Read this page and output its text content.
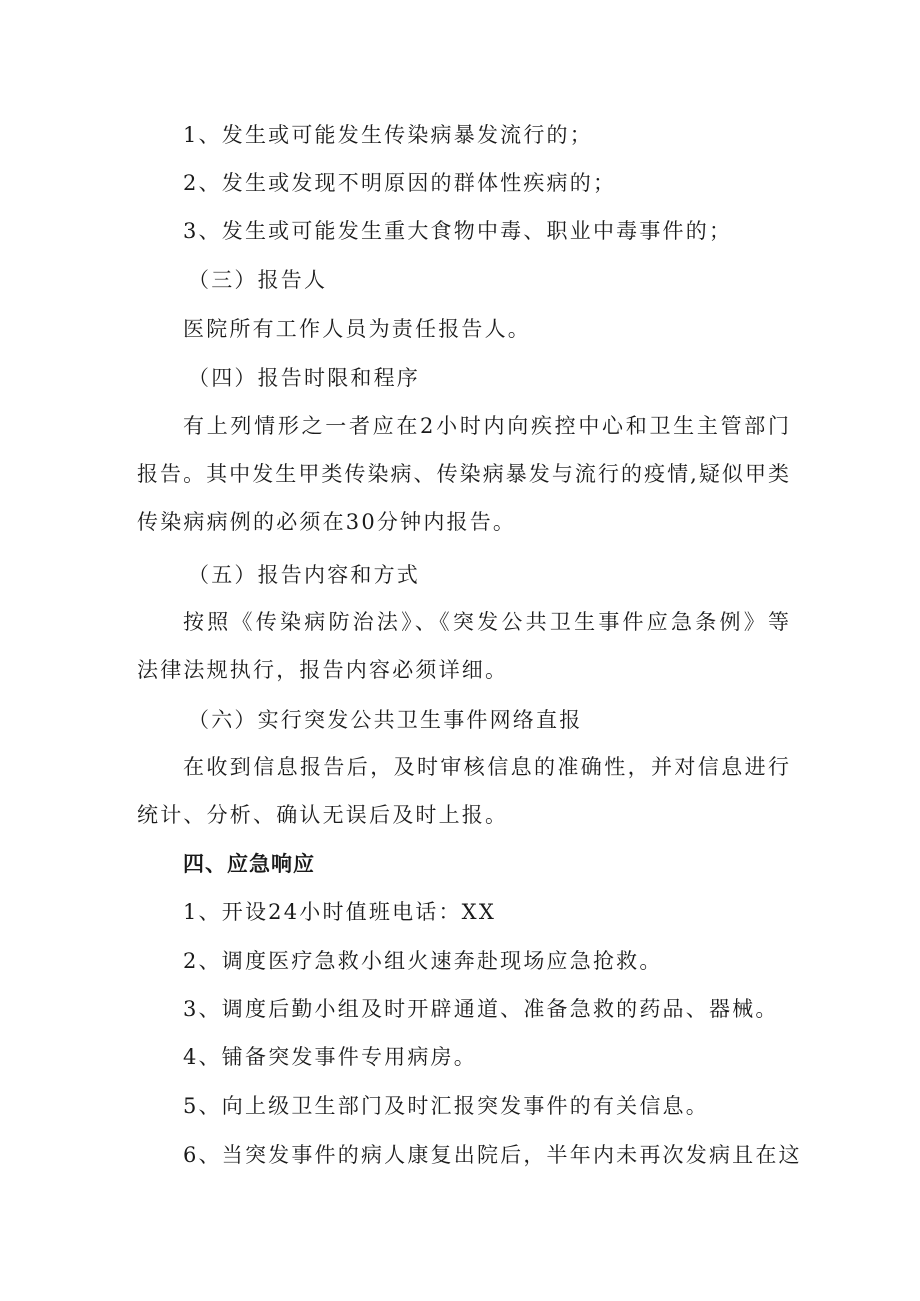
1、发生或可能发生传染病暴发流行的；
2、发生或发现不明原因的群体性疾病的；
3、发生或可能发生重大食物中毒、职业中毒事件的；
（三）报告人
医院所有工作人员为责任报告人。
（四）报告时限和程序
有上列情形之一者应在2小时内向疾控中心和卫生主管部门
报告。其中发生甲类传染病、传染病暴发与流行的疫情,疑似甲类
传染病病例的必须在30分钟内报告。
（五）报告内容和方式
按照《传染病防治法》、《突发公共卫生事件应急条例》等
法律法规执行，报告内容必须详细。
（六）实行突发公共卫生事件网络直报
在收到信息报告后，及时审核信息的准确性，并对信息进行
统计、分析、确认无误后及时上报。
四、应急响应
1、开设24小时值班电话：XX
2、调度医疗急救小组火速奔赴现场应急抢救。
3、调度后勤小组及时开辟通道、准备急救的药品、器械。
4、铺备突发事件专用病房。
5、向上级卫生部门及时汇报突发事件的有关信息。
6、当突发事件的病人康复出院后，半年内未再次发病且在这
